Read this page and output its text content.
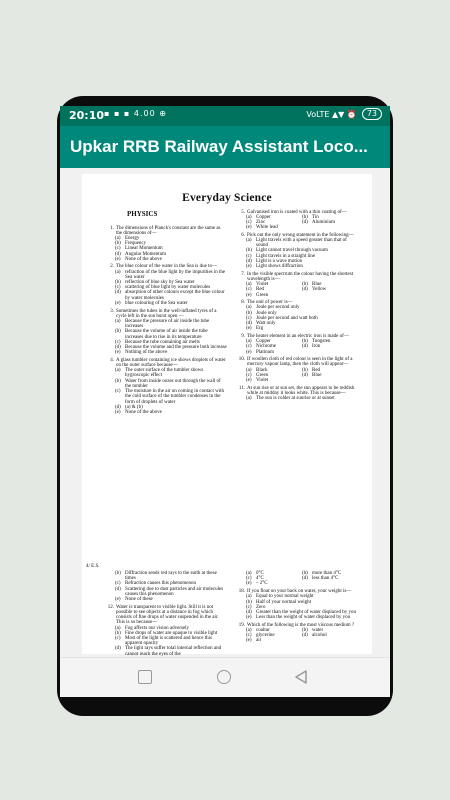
20:10 ▪ ▪ ▪ 4.00 ⊕	VoLTE ▲▼ ⏰	73
Upkar RRB Railway Assistant Loco...
Everyday Science
PHYSICS
1. The dimensions of Planck's constant are the same as the dimensions of—
(a) Energy
(b) Frequency
(c) Linear Momentum
(d) Angular Momentum
(e) None of the above
2. The blue colour of the water in the Sea is due to—
(a) refraction of the blue light by the impurities in the Sea water
(b) reflection of blue sky by Sea water
(c) scattering of blue light by water molecules
(d) absorption of other colours except the blue colour by water molecules
(e) blue colouring of the Sea water
3. Sometimes the tubes in the well-inflated tyres of a cycle left in the sun burst open —
(a) Because the pressure of air inside the tube increases
(b) Because the volume of air inside the tube increases due to rise in its temperature
(c) Because the tube containing air melts
(d) Because the volume and the pressure both increase
(e) Nothing of the above
4. A glass tumbler containing ice shows droplets of water on the outer surface because—
(a) The outer surface of the tumbler shows hygroscopic effect
(b) Water from inside oozes out through the wall of the tumbler
(c) The moisture in the air on coming in contact with the cold surface of the tumbler condenses in the form of droplets of water
(d) (a) & (b)
(e) None of the above
5. Galvanised iron is coated with a thin coating of—
(a) Copper	(b) Tin
(c) Zinc	(d) Aluminium
(e) White lead
6. Pick out the only wrong statement in the following—
(a) Light travels with a speed greater than that of sound
(b) Light cannot travel through vacuum
(c) Light travels in a straight line
(d) Light is a wave motion
(e) Light shows diffraction
7. In the visible spectrum the colour having the shortest wavelength is—
(a) Violet	(b) Blue
(c) Red	(d) Yellow
(e) Green
8. The unit of power is—
(a) Joule per second only
(b) Joule only
(c) Joule per second and watt both
(d) Watt only
(e) Erg
9. The heater element in an electric iron is made of—
(a) Copper	(b) Tungsten
(c) Nichrome	(d) Iron
(e) Platinum
10. If woollen cloth of red colour is seen in the light of a mercury vapour lamp, then the cloth will appear—
(a) Black	(b) Red
(c) Green	(d) Blue
(e) Violet
11. At sun rise or at sun set, the sun appears to be reddish while at midday it looks white. This is because—
(a) The sun is colder at sunrise or at sunset
4/ E.S.
(b) Diffraction sends red rays to the earth at these times
(c) Refraction causes this phenomenon
(d) Scattering due to dust particles and air molecules causes this phenomenon
(e) None of these
12. Water is transparent to visible light. Still it is not possible to see objects at a distance in fog which consists of fine drops of water suspended in the air. This is so because—
(a) Fog affects our vision adversely
(b) Fine drops of water are opaque to visible light
(c) Most of the light is scattered and hence this apparent opacity
(d) The light rays suffer total internal reflection and cannot reach the eyes of the
(a) 0°C	(b) more than 4°C
(c) 4°C	(d) less than 4°C
(e) – 2°C
18. If you float on your back on water, your weight is—
(a) Equal to your normal weight
(b) Half of your normal weight
(c) Zero
(d) Greater than the weight of water displaced by you
(e) Less than the weight of water displaced by you
19. Which of the following is the most viscous medium ?
(a) coaltar	(b) water
(c) glycerine	(d) alcohol
(e) air
